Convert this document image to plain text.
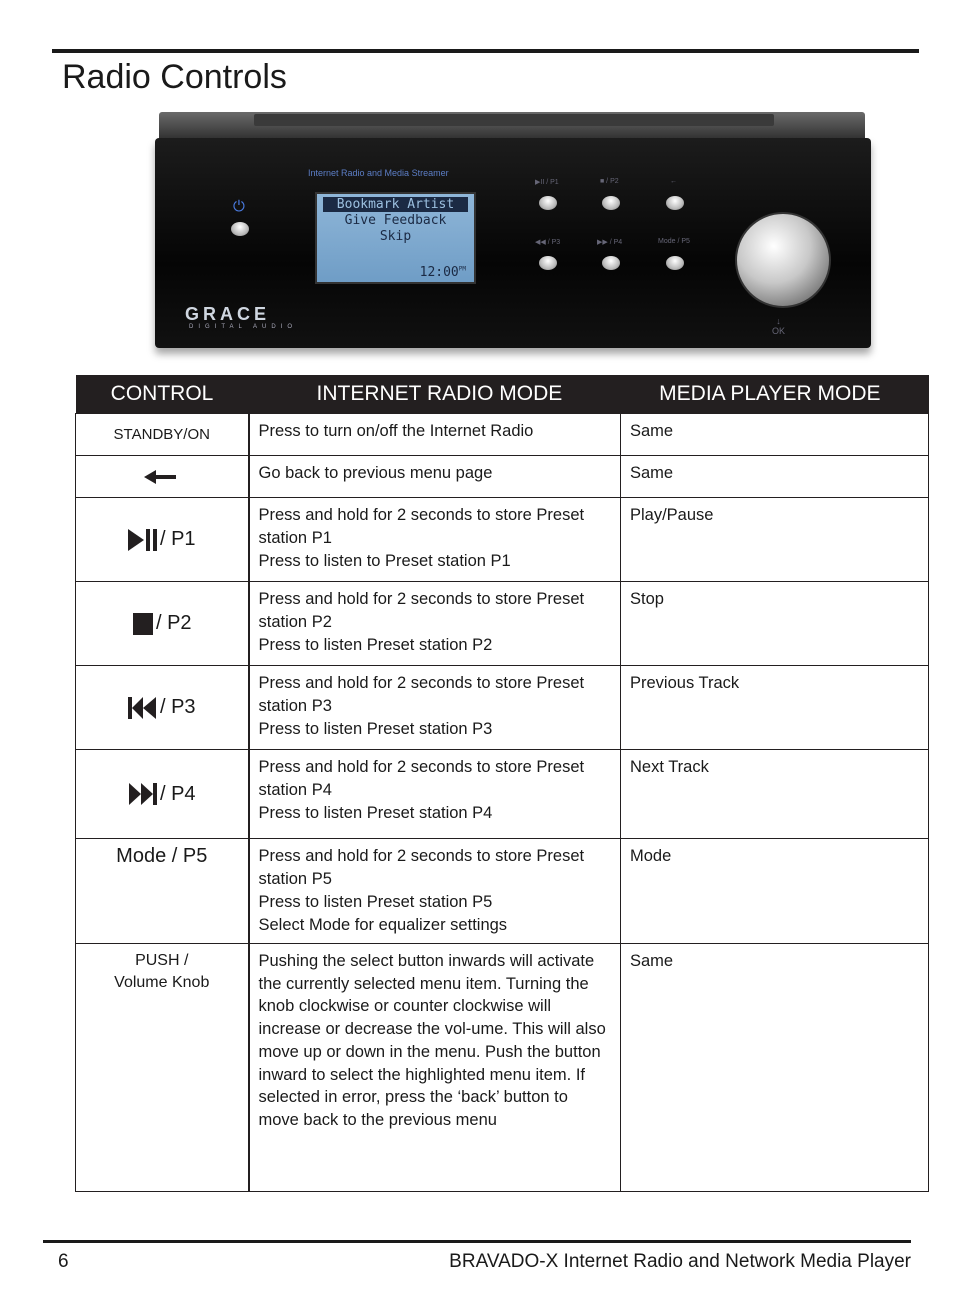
Radio Controls
⏻
Internet Radio and Media Streamer
Bookmark Artist
Give Feedback
Skip
$12:00^{PM}$
GRACE
DIGITAL AUDIO
▶II / P1	■ / P2	←
◀◀ / P3	▶▶ / P4	Mode / P5
↓
OK
CONTROL	INTERNET RADIO MODE	MEDIA PLAYER MODE
STANDBY/ON	Press to turn on/off the Internet Radio	Same
	Go back to previous menu page	Same
/ P1	Press and hold for 2 seconds to store Preset station P1
Press to listen to Preset station P1	Play/Pause
/ P2	Press and hold for 2 seconds to store Preset station P2
Press to listen Preset station P2	Stop
/ P3	Press and hold for 2 seconds to store Preset station P3
Press to listen Preset station P3	Previous Track
/ P4	Press and hold for 2 seconds to store Preset station P4
Press to listen Preset station P4	Next Track
Mode / P5	Press and hold for 2 seconds to store Preset station P5
Press to listen Preset station P5
Select Mode for equalizer settings	Mode

PUSH /
Volume Knob	Pushing the select button inwards will activate the currently selected menu item. Turning the knob clockwise or counter clockwise will increase or decrease the vol-ume. This will also move up or down in the menu. Push the button inward to select the highlighted menu item. If selected in error, press the ‘back’ button to move back to the previous menu	Same
6	BRAVADO-X Internet Radio and Network Media Player
